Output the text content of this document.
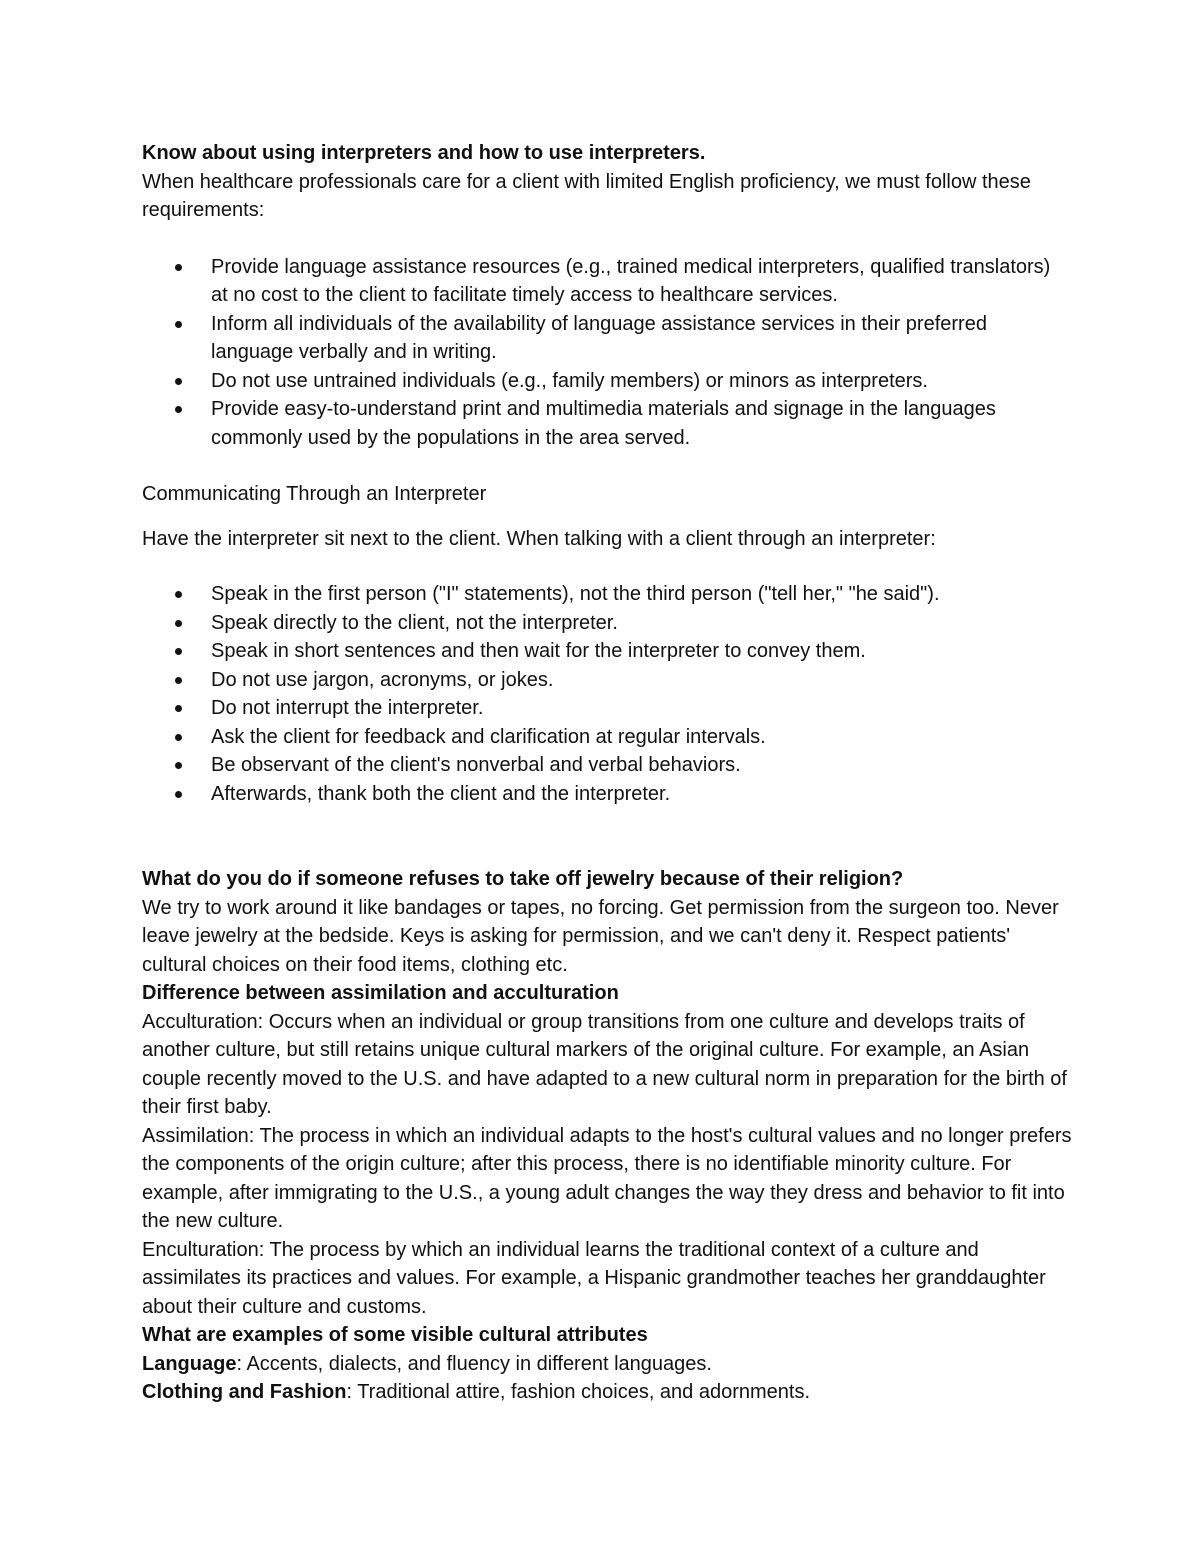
Know about using interpreters and how to use interpreters.

When healthcare professionals care for a client with limited English proficiency, we must follow these requirements:

Provide language assistance resources (e.g., trained medical interpreters, qualified translators) at no cost to the client to facilitate timely access to healthcare services.
Inform all individuals of the availability of language assistance services in their preferred language verbally and in writing.
Do not use untrained individuals (e.g., family members) or minors as interpreters.
Provide easy-to-understand print and multimedia materials and signage in the languages commonly used by the populations in the area served.

Communicating Through an Interpreter

Have the interpreter sit next to the client. When talking with a client through an interpreter:

Speak in the first person ("I" statements), not the third person ("tell her," "he said").
Speak directly to the client, not the interpreter.
Speak in short sentences and then wait for the interpreter to convey them.
Do not use jargon, acronyms, or jokes.
Do not interrupt the interpreter.
Ask the client for feedback and clarification at regular intervals.
Be observant of the client's nonverbal and verbal behaviors.
Afterwards, thank both the client and the interpreter.

What do you do if someone refuses to take off jewelry because of their religion?

We try to work around it like bandages or tapes, no forcing. Get permission from the surgeon too. Never leave jewelry at the bedside. Keys is asking for permission, and we can't deny it. Respect patients' cultural choices on their food items, clothing etc.

Difference between assimilation and acculturation

Acculturation: Occurs when an individual or group transitions from one culture and develops traits of another culture, but still retains unique cultural markers of the original culture. For example, an Asian couple recently moved to the U.S. and have adapted to a new cultural norm in preparation for the birth of their first baby.

Assimilation: The process in which an individual adapts to the host's cultural values and no longer prefers the components of the origin culture; after this process, there is no identifiable minority culture. For example, after immigrating to the U.S., a young adult changes the way they dress and behavior to fit into the new culture.

Enculturation: The process by which an individual learns the traditional context of a culture and assimilates its practices and values. For example, a Hispanic grandmother teaches her granddaughter about their culture and customs.

What are examples of some visible cultural attributes

Language: Accents, dialects, and fluency in different languages.

Clothing and Fashion: Traditional attire, fashion choices, and adornments.
